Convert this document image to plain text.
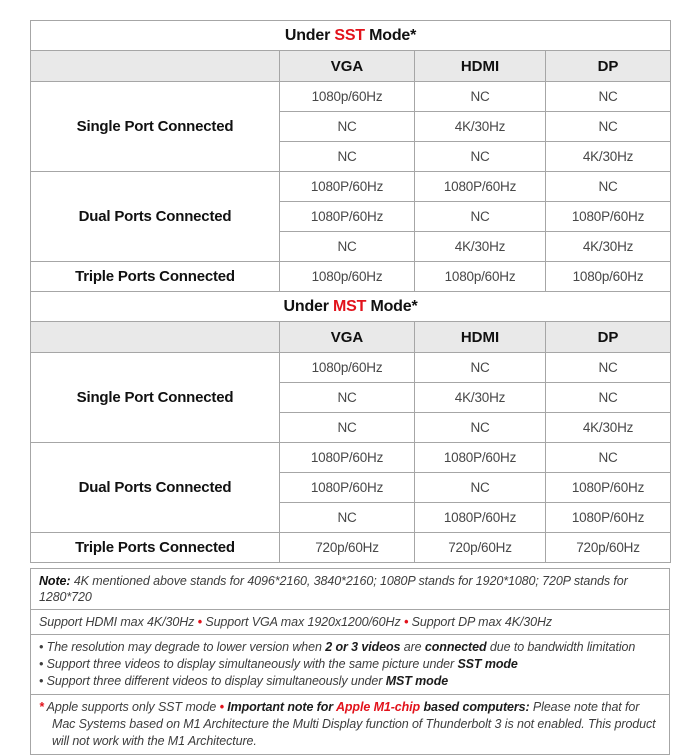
Under SST Mode*			
	VGA	HDMI	DP
Single Port Connected	1080p/60Hz	NC	NC
	NC	4K/30Hz	NC
	NC	NC	4K/30Hz
Dual Ports Connected	1080P/60Hz	1080P/60Hz	NC
	1080P/60Hz	NC	1080P/60Hz
	NC	4K/30Hz	4K/30Hz
Triple Ports Connected	1080p/60Hz	1080p/60Hz	1080p/60Hz
Under MST Mode*			
	VGA	HDMI	DP
Single Port Connected	1080p/60Hz	NC	NC
	NC	4K/30Hz	NC
	NC	NC	4K/30Hz
Dual Ports Connected	1080P/60Hz	1080P/60Hz	NC
	1080P/60Hz	NC	1080P/60Hz
	NC	1080P/60Hz	1080P/60Hz
Triple Ports Connected	720p/60Hz	720p/60Hz	720p/60Hz
Note: 4K mentioned above stands for 4096*2160, 3840*2160; 1080P stands for 1920*1080; 720P stands for 1280*720
Support HDMI max 4K/30Hz • Support VGA max 1920x1200/60Hz • Support DP max 4K/30Hz

• The resolution may degrade to lower version when 2 or 3 videos are connected due to bandwidth limitation
• Support three videos to display simultaneously with the same picture under SST mode
• Support three different videos to display simultaneously under MST mode

* Apple supports only SST mode • Important note for Apple M1-chip based computers: Please note that for Mac Systems based on M1 Architecture the Multi Display function of Thunderbolt 3 is not enabled. This product will not work with the M1 Architecture.
